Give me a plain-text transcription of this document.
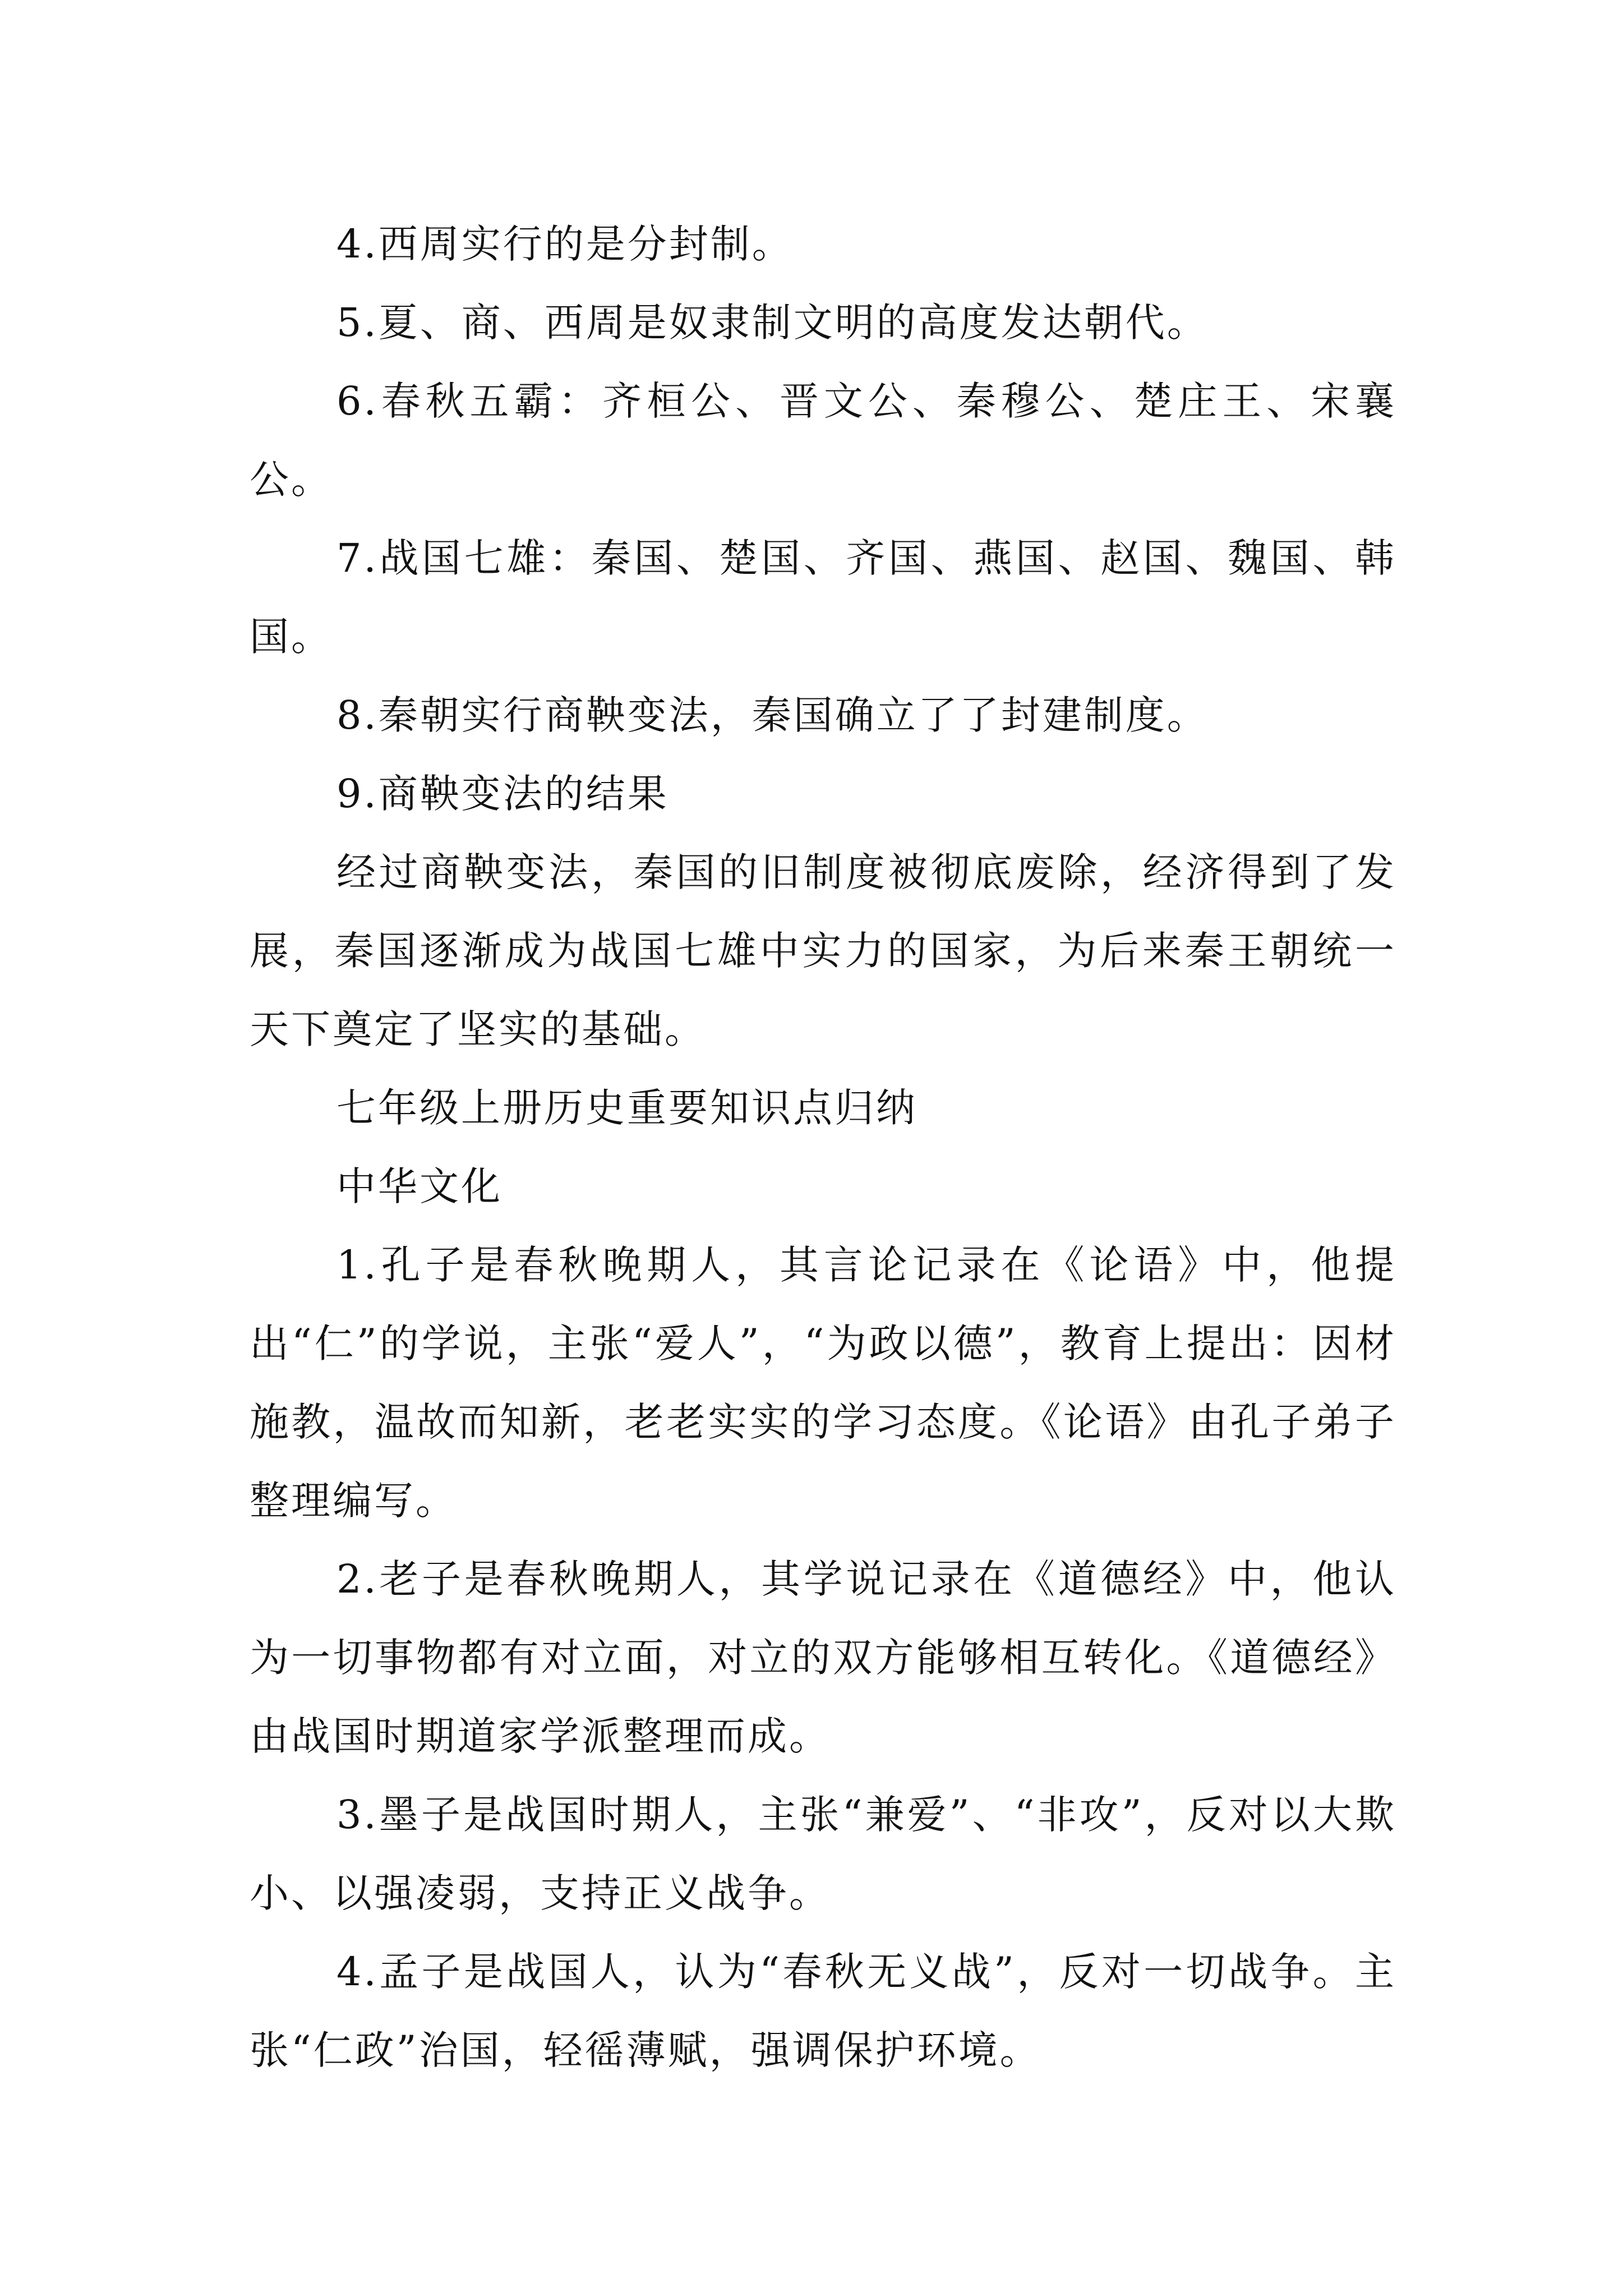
4.西周实行的是分封制。

5.夏、商、西周是奴隶制文明的高度发达朝代。

6.春秋五霸：齐桓公、晋文公、秦穆公、楚庄王、宋襄公。

7.战国七雄：秦国、楚国、齐国、燕国、赵国、魏国、韩国。

8.秦朝实行商鞅变法，秦国确立了了封建制度。

9.商鞅变法的结果

经过商鞅变法，秦国的旧制度被彻底废除，经济得到了发展，秦国逐渐成为战国七雄中实力的国家，为后来秦王朝统一天下奠定了坚实的基础。

七年级上册历史重要知识点归纳

中华文化

1.孔子是春秋晚期人，其言论记录在《论语》中，他提出“仁”的学说，主张“爱人”，“为政以德”，教育上提出：因材施教，温故而知新，老老实实的学习态度。《论语》由孔子弟子整理编写。

2.老子是春秋晚期人，其学说记录在《道德经》中，他认为一切事物都有对立面，对立的双方能够相互转化。《道德经》由战国时期道家学派整理而成。

3.墨子是战国时期人，主张“兼爱”、“非攻”，反对以大欺小、以强凌弱，支持正义战争。

4.孟子是战国人，认为“春秋无义战”，反对一切战争。主张“仁政”治国，轻徭薄赋，强调保护环境。
